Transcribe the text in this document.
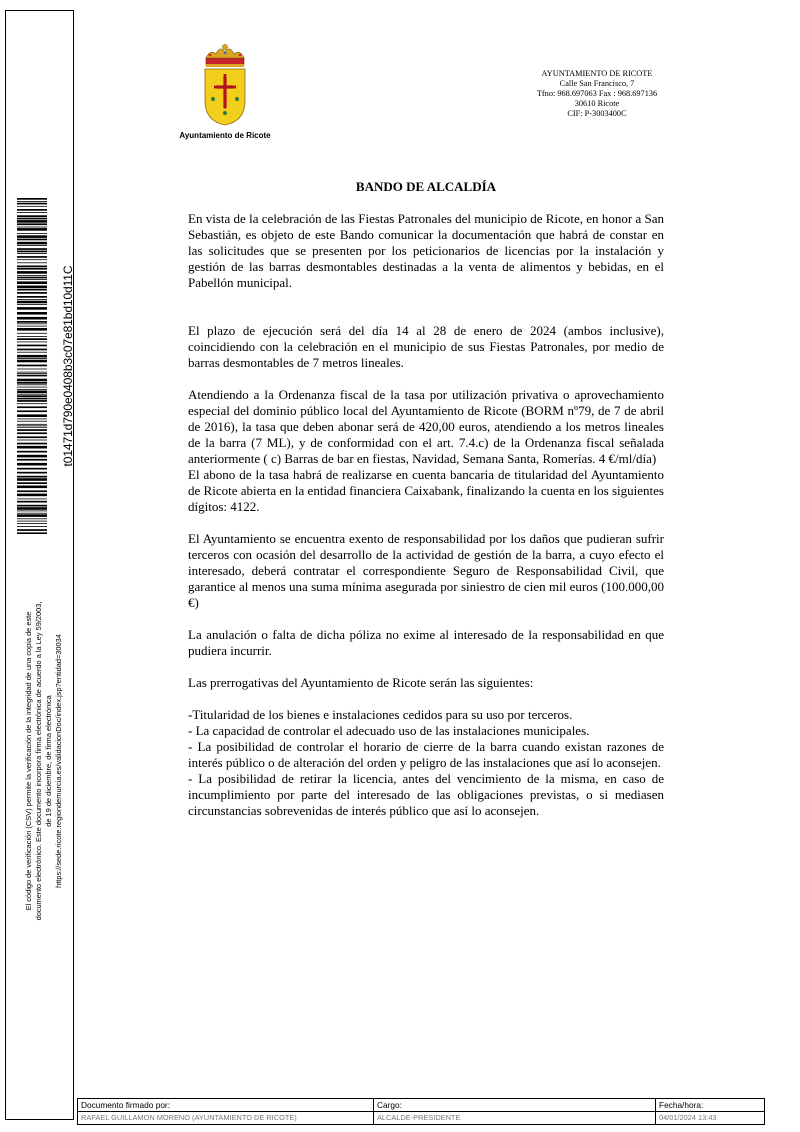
t01471d790e0408b3c07e81bd10d11C
El código de verificación (CSV) permite la verificación de la integridad de una copia de este documento electrónico. Este documento incorpora firma electrónica de acuerdo a la Ley 59/2003, de 19 de diciembre, de firma electrónica https://sede.ricote.regiondemurcia.es/validacionDoc/index.jsp?entidad=30034
Ayuntamiento de Ricote
AYUNTAMIENTO DE RICOTE
Calle San Francisco, 7
Tfno: 968.697063 Fax : 968.697136
30610 Ricote
CIF: P-3003400C
BANDO DE ALCALDÍA

En vista de la celebración de las Fiestas Patronales del municipio de Ricote, en honor a San Sebastián, es objeto de este Bando comunicar la documentación que habrá de constar en las solicitudes que se presenten por los peticionarios de licencias por la instalación y gestión de las barras desmontables destinadas a la venta de alimentos y bebidas, en el Pabellón municipal.

El plazo de ejecución será del día 14 al 28 de enero de 2024 (ambos inclusive), coincidiendo con la celebración en el municipio de sus Fiestas Patronales, por medio de barras desmontables de 7 metros lineales.

Atendiendo a la Ordenanza fiscal de la tasa por utilización privativa o aprovechamiento especial del dominio público local del Ayuntamiento de Ricote (BORM nº79, de 7 de abril de 2016), la tasa que deben abonar será de 420,00 euros, atendiendo a los metros lineales de la barra (7 ML), y de conformidad con el art. 7.4.c) de la Ordenanza fiscal señalada anteriormente ( c) Barras de bar en fiestas, Navidad, Semana Santa, Romerías. 4 €/ml/día)

El abono de la tasa habrá de realizarse en cuenta bancaria de titularidad del Ayuntamiento de Ricote abierta en la entidad financiera Caixabank, finalizando la cuenta en los siguientes dígitos: 4122.

El Ayuntamiento se encuentra exento de responsabilidad por los daños que pudieran sufrir terceros con ocasión del desarrollo de la actividad de gestión de la barra, a cuyo efecto el interesado, deberá contratar el correspondiente Seguro de Responsabilidad Civil, que garantice al menos una suma mínima asegurada por siniestro de cien mil euros (100.000,00 €)

La anulación o falta de dicha póliza no exime al interesado de la responsabilidad en que pudiera incurrir.

Las prerrogativas del Ayuntamiento de Ricote serán las siguientes:

-Titularidad de los bienes e instalaciones cedidos para su uso por terceros.

- La capacidad de controlar el adecuado uso de las instalaciones municipales.

- La posibilidad de controlar el horario de cierre de la barra cuando existan razones de interés público o de alteración del orden y peligro de las instalaciones que así lo aconsejen.

- La posibilidad de retirar la licencia, antes del vencimiento de la misma, en caso de incumplimiento por parte del interesado de las obligaciones previstas, o si mediasen circunstancias sobrevenidas de interés público que así lo aconsejen.

Documento firmado por:
RAFAEL GUILLAMON MORENO (AYUNTAMIENTO DE RICOTE)

Cargo:
ALCALDE-PRESIDENTE

Fecha/hora:
04/01/2024 13:43
